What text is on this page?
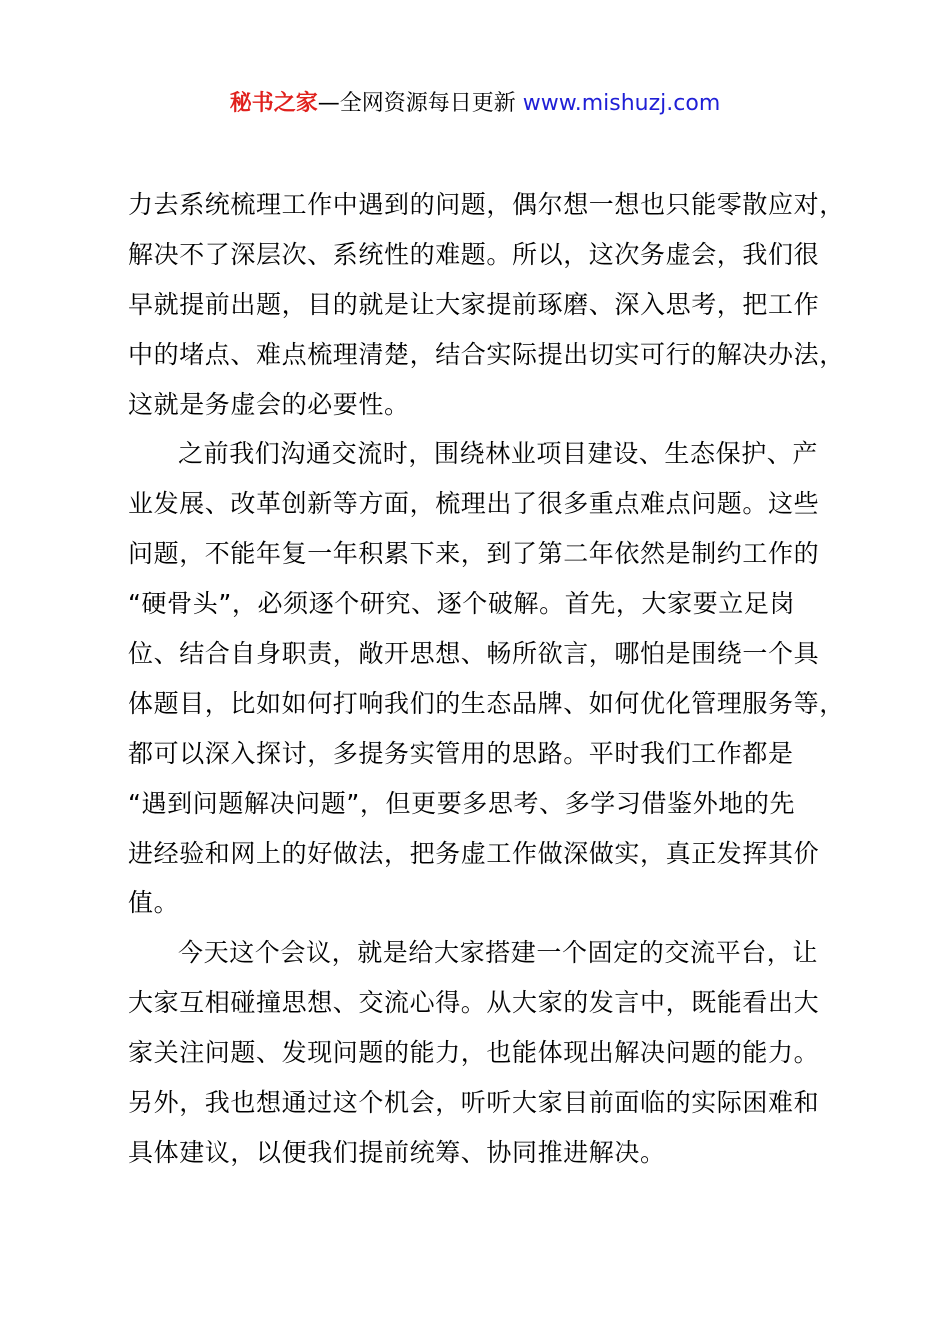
秘书之家—全网资源每日更新 www.mishuzj.com

力去系统梳理工作中遇到的问题，偶尔想一想也只能零散应对，
解决不了深层次、系统性的难题。所以，这次务虚会，我们很
早就提前出题，目的就是让大家提前琢磨、深入思考，把工作
中的堵点、难点梳理清楚，结合实际提出切实可行的解决办法，
这就是务虚会的必要性。

之前我们沟通交流时，围绕林业项目建设、生态保护、产
业发展、改革创新等方面，梳理出了很多重点难点问题。这些
问题，不能年复一年积累下来，到了第二年依然是制约工作的
“硬骨头”，必须逐个研究、逐个破解。首先，大家要立足岗
位、结合自身职责，敞开思想、畅所欲言，哪怕是围绕一个具
体题目，比如如何打响我们的生态品牌、如何优化管理服务等，
都可以深入探讨，多提务实管用的思路。平时我们工作都是
“遇到问题解决问题”，但更要多思考、多学习借鉴外地的先
进经验和网上的好做法，把务虚工作做深做实，真正发挥其价
值。

今天这个会议，就是给大家搭建一个固定的交流平台，让
大家互相碰撞思想、交流心得。从大家的发言中，既能看出大
家关注问题、发现问题的能力，也能体现出解决问题的能力。
另外，我也想通过这个机会，听听大家目前面临的实际困难和
具体建议，以便我们提前统筹、协同推进解决。
